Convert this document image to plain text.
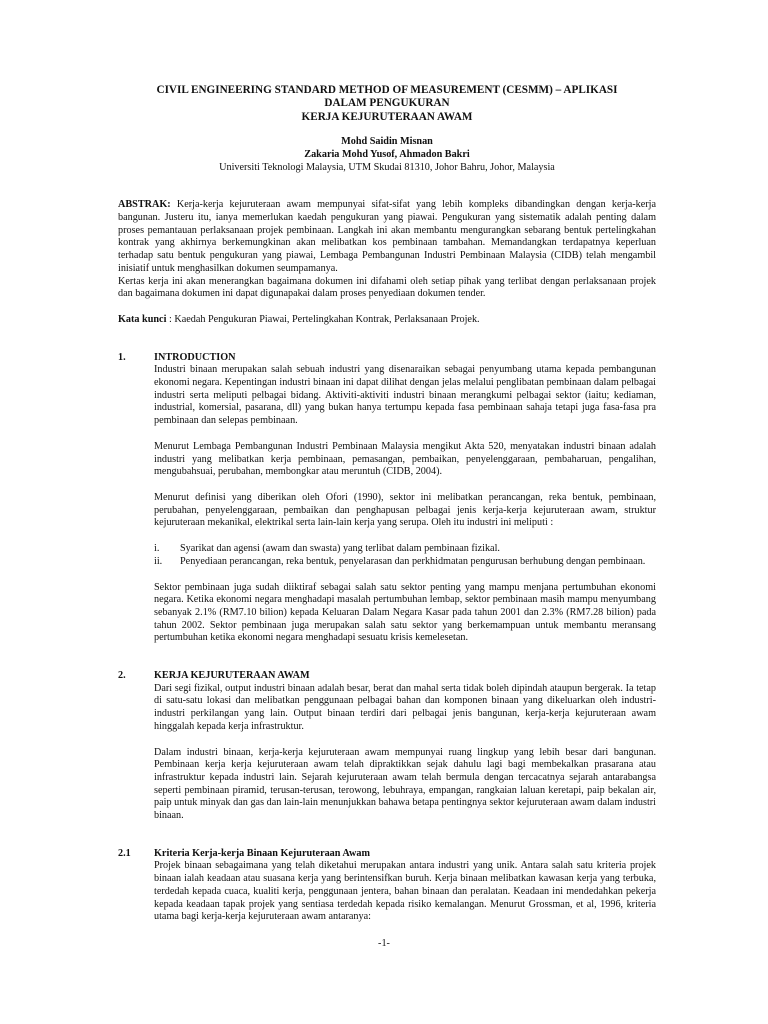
CIVIL ENGINEERING STANDARD METHOD OF MEASUREMENT (CESMM) – APLIKASI
DALAM PENGUKURAN
KERJA KEJURUTERAAN AWAM
Mohd Saidin Misnan
Zakaria Mohd Yusof, Ahmadon Bakri
Universiti Teknologi Malaysia, UTM Skudai 81310, Johor Bahru, Johor, Malaysia

ABSTRAK: Kerja-kerja kejuruteraan awam mempunyai sifat-sifat yang lebih kompleks dibandingkan dengan kerja-kerja bangunan. Justeru itu, ianya memerlukan kaedah pengukuran yang piawai. Pengukuran yang sistematik adalah penting dalam proses pemantauan perlaksanaan projek pembinaan. Langkah ini akan membantu mengurangkan sebarang bentuk pertelingkahan kontrak yang akhirnya berkemungkinan akan melibatkan kos pembinaan tambahan. Memandangkan terdapatnya keperluan terhadap satu bentuk pengukuran yang piawai, Lembaga Pembangunan Industri Pembinaan Malaysia (CIDB) telah mengambil inisiatif untuk menghasilkan dokumen seumpamanya.

Kertas kerja ini akan menerangkan bagaimana dokumen ini difahami oleh setiap pihak yang terlibat dengan perlaksanaan projek dan bagaimana dokumen ini dapat digunapakai dalam proses penyediaan dokumen tender.

Kata kunci : Kaedah Pengukuran Piawai, Pertelingkahan Kontrak, Perlaksanaan Projek.

1.	INTRODUCTION

Industri binaan merupakan salah sebuah industri yang disenaraikan sebagai penyumbang utama kepada pembangunan ekonomi negara. Kepentingan industri binaan ini dapat dilihat dengan jelas melalui penglibatan pembinaan dalam pelbagai industri serta meliputi pelbagai bidang. Aktiviti-aktiviti industri binaan merangkumi pelbagai sektor (iaitu; kediaman, industrial, komersial, pasarana, dll) yang bukan hanya tertumpu kepada fasa pembinaan sahaja tetapi juga fasa-fasa pra pembinaan dan selepas pembinaan.

Menurut Lembaga Pembangunan Industri Pembinaan Malaysia mengikut Akta 520, menyatakan industri binaan adalah industri yang melibatkan kerja pembinaan, pemasangan, pembaikan, penyelenggaraan, pembaharuan, pengalihan, mengubahsuai, perubahan, membongkar atau meruntuh (CIDB, 2004).

Menurut definisi yang diberikan oleh Ofori (1990), sektor ini melibatkan perancangan, reka bentuk, pembinaan, perubahan, penyelenggaraan, pembaikan dan penghapusan pelbagai jenis kerja-kerja kejuruteraan awam, struktur kejuruteraan mekanikal, elektrikal serta lain-lain kerja yang serupa. Oleh itu industri ini meliputi :

i.	Syarikat dan agensi (awam dan swasta) yang terlibat dalam pembinaan fizikal.
ii.	Penyediaan perancangan, reka bentuk, penyelarasan dan perkhidmatan pengurusan berhubung dengan pembinaan.

Sektor pembinaan juga sudah diiktiraf sebagai salah satu sektor penting yang mampu menjana pertumbuhan ekonomi negara. Ketika ekonomi negara menghadapi masalah pertumbuhan lembap, sektor pembinaan masih mampu menyumbang sebanyak 2.1% (RM7.10 bilion) kepada Keluaran Dalam Negara Kasar pada tahun 2001 dan 2.3% (RM7.28 bilion) pada tahun 2002. Sektor pembinaan juga merupakan salah satu sektor yang berkemampuan untuk membantu meransang pertumbuhan ketika ekonomi negara menghadapi sesuatu krisis kemelesetan.

2.	KERJA KEJURUTERAAN AWAM

Dari segi fizikal, output industri binaan adalah besar, berat dan mahal serta tidak boleh dipindah ataupun bergerak. Ia tetap di satu-satu lokasi dan melibatkan penggunaan pelbagai bahan dan komponen binaan yang dikeluarkan oleh industri-industri perkilangan yang lain. Output binaan terdiri dari pelbagai jenis bangunan, kerja-kerja kejuruteraan awam hinggalah kepada kerja infrastruktur.

Dalam industri binaan, kerja-kerja kejuruteraan awam mempunyai ruang lingkup yang lebih besar dari bangunan. Pembinaan kerja kerja kejuruteraan awam telah dipraktikkan sejak dahulu lagi bagi membekalkan prasarana atau infrastruktur kepada industri lain. Sejarah kejuruteraan awam telah bermula dengan tercacatnya sejarah antarabangsa seperti pembinaan piramid, terusan-terusan, terowong, lebuhraya, empangan, rangkaian laluan keretapi, paip bekalan air, paip untuk minyak dan gas dan lain-lain menunjukkan bahawa betapa pentingnya sektor kejuruteraan awam dalam industri binaan.

2.1	Kriteria Kerja-kerja Binaan Kejuruteraan Awam

Projek binaan sebagaimana yang telah diketahui merupakan antara industri yang unik. Antara salah satu kriteria projek binaan ialah keadaan atau suasana kerja yang berintensifkan buruh. Kerja binaan melibatkan kawasan kerja yang terbuka, terdedah kepada cuaca, kualiti kerja, penggunaan jentera, bahan binaan dan peralatan. Keadaan ini mendedahkan pekerja kepada keadaan tapak projek yang sentiasa terdedah kepada risiko kemalangan. Menurut Grossman, et al, 1996, kriteria utama bagi kerja-kerja kejuruteraan awam antaranya:

-1-
